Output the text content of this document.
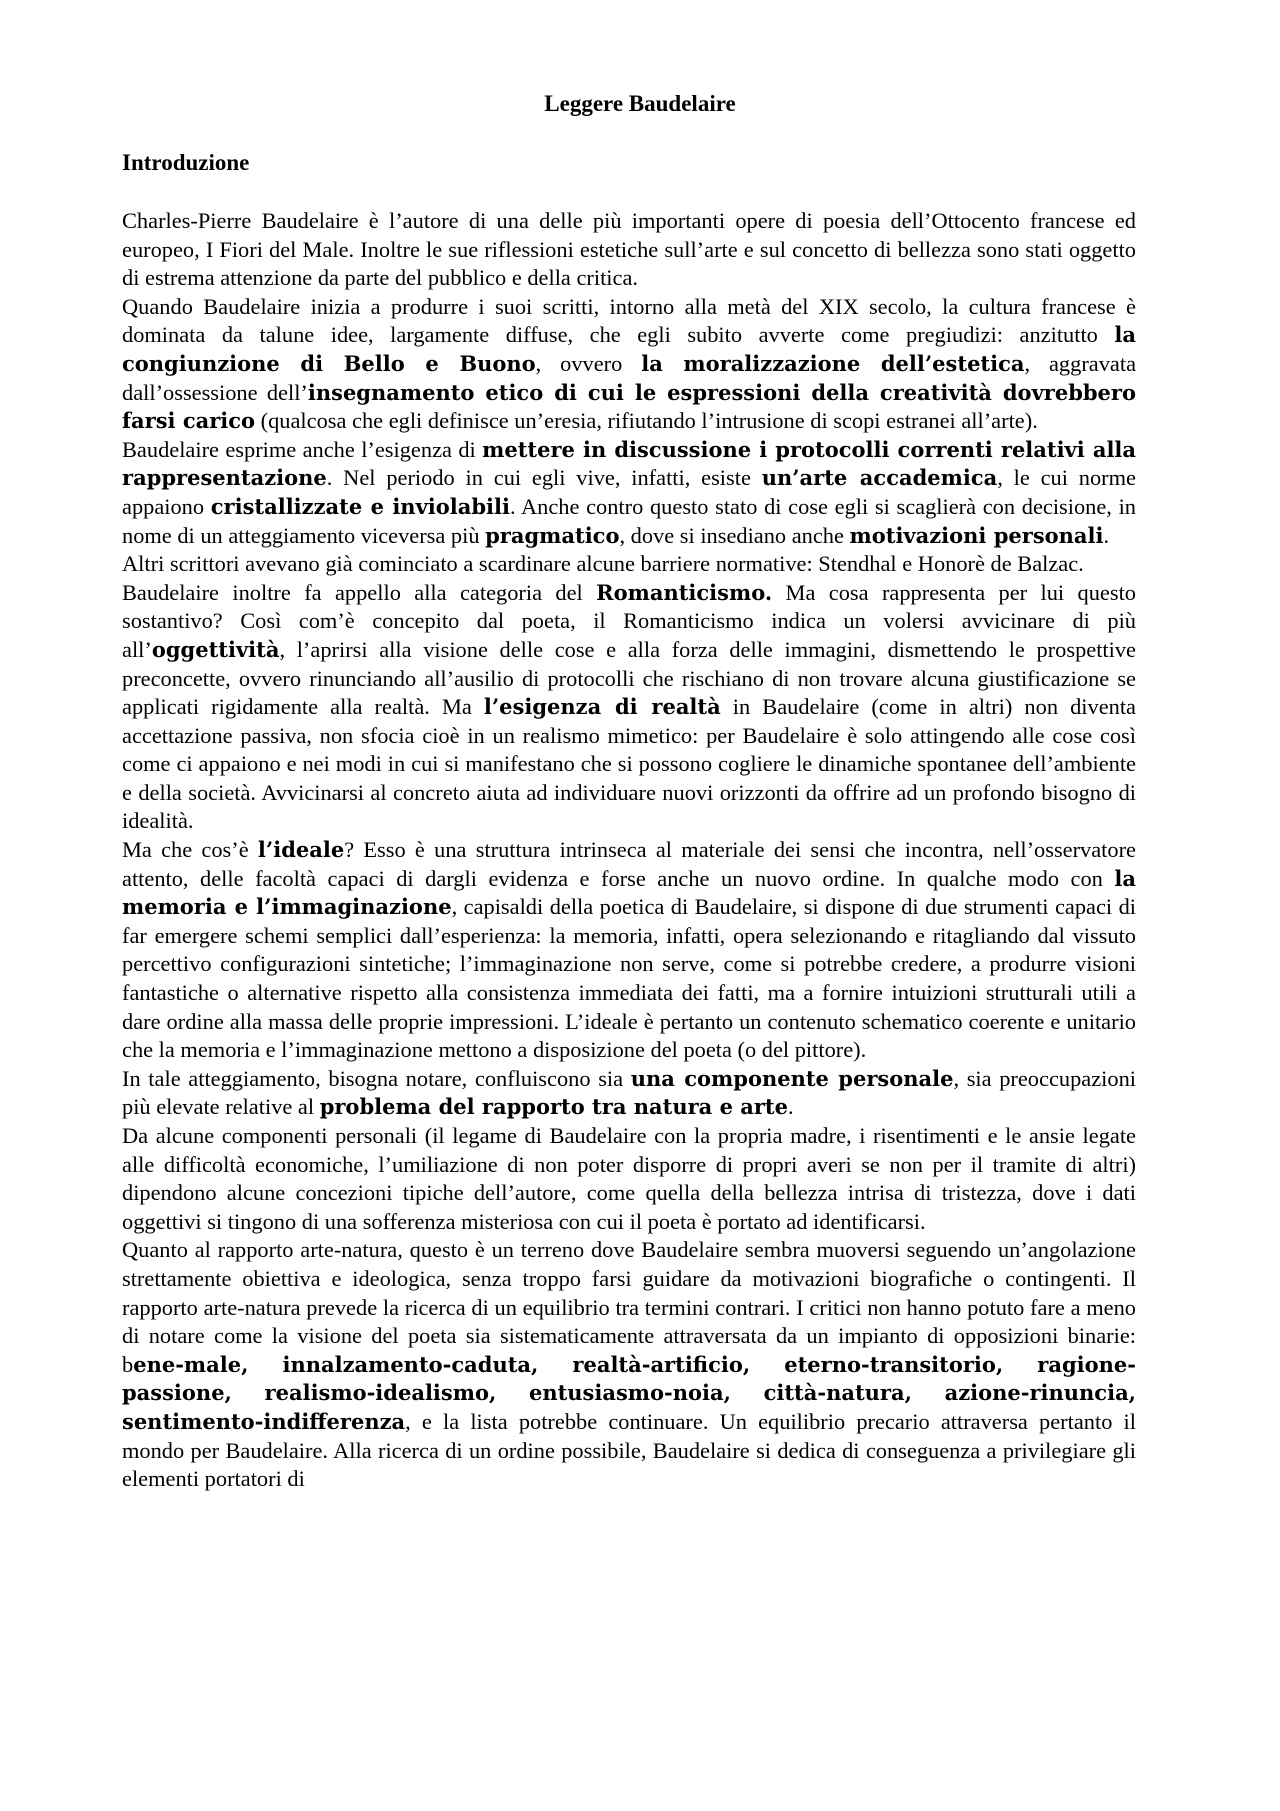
Leggere Baudelaire
Introduzione

Charles-Pierre Baudelaire è l’autore di una delle più importanti opere di poesia dell’Ottocento francese ed europeo, I Fiori del Male. Inoltre le sue riflessioni estetiche sull’arte e sul concetto di bellezza sono stati oggetto di estrema attenzione da parte del pubblico e della critica.

Quando Baudelaire inizia a produrre i suoi scritti, intorno alla metà del XIX secolo, la cultura francese è dominata da talune idee, largamente diffuse, che egli subito avverte come pregiudizi: anzitutto la congiunzione di Bello e Buono, ovvero la moralizzazione dell’estetica, aggravata dall’ossessione dell’insegnamento etico di cui le espressioni della creatività dovrebbero farsi carico (qualcosa che egli definisce un’eresia, rifiutando l’intrusione di scopi estranei all’arte).

Baudelaire esprime anche l’esigenza di mettere in discussione i protocolli correnti relativi alla rappresentazione. Nel periodo in cui egli vive, infatti, esiste un’arte accademica, le cui norme appaiono cristallizzate e inviolabili. Anche contro questo stato di cose egli si scaglierà con decisione, in nome di un atteggiamento viceversa più pragmatico, dove si insediano anche motivazioni personali.

Altri scrittori avevano già cominciato a scardinare alcune barriere normative: Stendhal e Honorè de Balzac.

Baudelaire inoltre fa appello alla categoria del Romanticismo. Ma cosa rappresenta per lui questo sostantivo? Così com’è concepito dal poeta, il Romanticismo indica un volersi avvicinare di più all’oggettività, l’aprirsi alla visione delle cose e alla forza delle immagini, dismettendo le prospettive preconcette, ovvero rinunciando all’ausilio di protocolli che rischiano di non trovare alcuna giustificazione se applicati rigidamente alla realtà. Ma l’esigenza di realtà in Baudelaire (come in altri) non diventa accettazione passiva, non sfocia cioè in un realismo mimetico: per Baudelaire è solo attingendo alle cose così come ci appaiono e nei modi in cui si manifestano che si possono cogliere le dinamiche spontanee dell’ambiente e della società. Avvicinarsi al concreto aiuta ad individuare nuovi orizzonti da offrire ad un profondo bisogno di idealità.

Ma che cos’è l’ideale? Esso è una struttura intrinseca al materiale dei sensi che incontra, nell’osservatore attento, delle facoltà capaci di dargli evidenza e forse anche un nuovo ordine. In qualche modo con la memoria e l’immaginazione, capisaldi della poetica di Baudelaire, si dispone di due strumenti capaci di far emergere schemi semplici dall’esperienza: la memoria, infatti, opera selezionando e ritagliando dal vissuto percettivo configurazioni sintetiche; l’immaginazione non serve, come si potrebbe credere, a produrre visioni fantastiche o alternative rispetto alla consistenza immediata dei fatti, ma a fornire intuizioni strutturali utili a dare ordine alla massa delle proprie impressioni. L’ideale è pertanto un contenuto schematico coerente e unitario che la memoria e l’immaginazione mettono a disposizione del poeta (o del pittore).

In tale atteggiamento, bisogna notare, confluiscono sia una componente personale, sia preoccupazioni più elevate relative al problema del rapporto tra natura e arte.

Da alcune componenti personali (il legame di Baudelaire con la propria madre, i risentimenti e le ansie legate alle difficoltà economiche, l’umiliazione di non poter disporre di propri averi se non per il tramite di altri) dipendono alcune concezioni tipiche dell’autore, come quella della bellezza intrisa di tristezza, dove i dati oggettivi si tingono di una sofferenza misteriosa con cui il poeta è portato ad identificarsi.

Quanto al rapporto arte-natura, questo è un terreno dove Baudelaire sembra muoversi seguendo un’angolazione strettamente obiettiva e ideologica, senza troppo farsi guidare da motivazioni biografiche o contingenti. Il rapporto arte-natura prevede la ricerca di un equilibrio tra termini contrari. I critici non hanno potuto fare a meno di notare come la visione del poeta sia sistematicamente attraversata da un impianto di opposizioni binarie: bene-male, innalzamento-caduta, realtà-artificio, eterno-transitorio, ragione-passione, realismo-idealismo, entusiasmo-noia, città-natura, azione-rinuncia, sentimento-indifferenza, e la lista potrebbe continuare. Un equilibrio precario attraversa pertanto il mondo per Baudelaire. Alla ricerca di un ordine possibile, Baudelaire si dedica di conseguenza a privilegiare gli elementi portatori di
